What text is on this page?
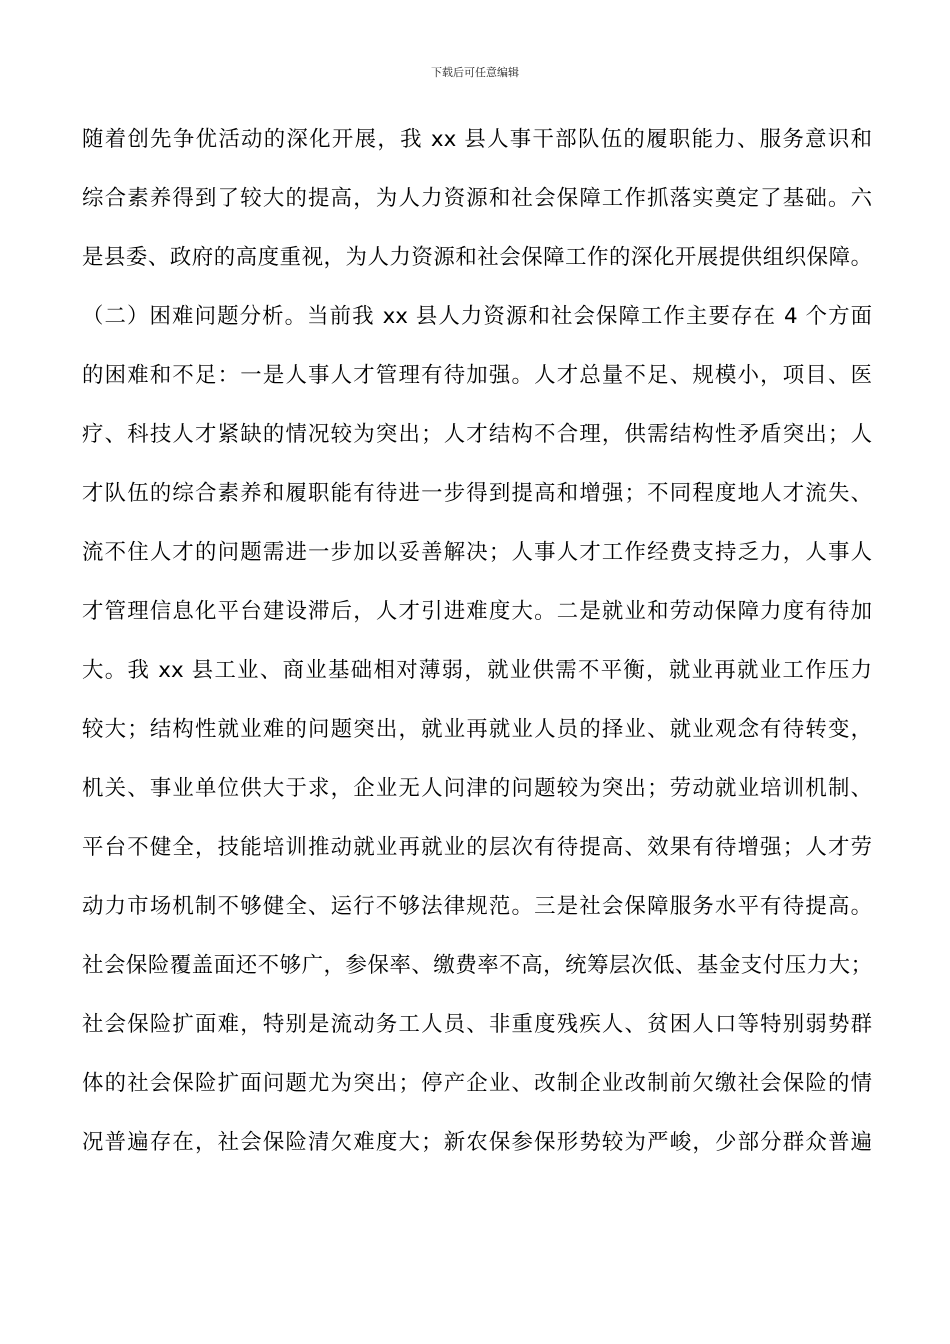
下载后可任意编辑
随着创先争优活动的深化开展，我 xx 县人事干部队伍的履职能力、服务意识和
综合素养得到了较大的提高，为人力资源和社会保障工作抓落实奠定了基础。六
是县委、政府的高度重视，为人力资源和社会保障工作的深化开展提供组织保障。
（二）困难问题分析。当前我 xx 县人力资源和社会保障工作主要存在 4 个方面
的困难和不足：一是人事人才管理有待加强。人才总量不足、规模小，项目、医
疗、科技人才紧缺的情况较为突出；人才结构不合理，供需结构性矛盾突出；人
才队伍的综合素养和履职能有待进一步得到提高和增强；不同程度地人才流失、
流不住人才的问题需进一步加以妥善解决；人事人才工作经费支持乏力，人事人
才管理信息化平台建设滞后，人才引进难度大。二是就业和劳动保障力度有待加
大。我 xx 县工业、商业基础相对薄弱，就业供需不平衡，就业再就业工作压力
较大；结构性就业难的问题突出，就业再就业人员的择业、就业观念有待转变，
机关、事业单位供大于求，企业无人问津的问题较为突出；劳动就业培训机制、
平台不健全，技能培训推动就业再就业的层次有待提高、效果有待增强；人才劳
动力市场机制不够健全、运行不够法律规范。三是社会保障服务水平有待提高。
社会保险覆盖面还不够广，参保率、缴费率不高，统筹层次低、基金支付压力大；
社会保险扩面难，特别是流动务工人员、非重度残疾人、贫困人口等特别弱势群
体的社会保险扩面问题尤为突出；停产企业、改制企业改制前欠缴社会保险的情
况普遍存在，社会保险清欠难度大；新农保参保形势较为严峻，少部分群众普遍
